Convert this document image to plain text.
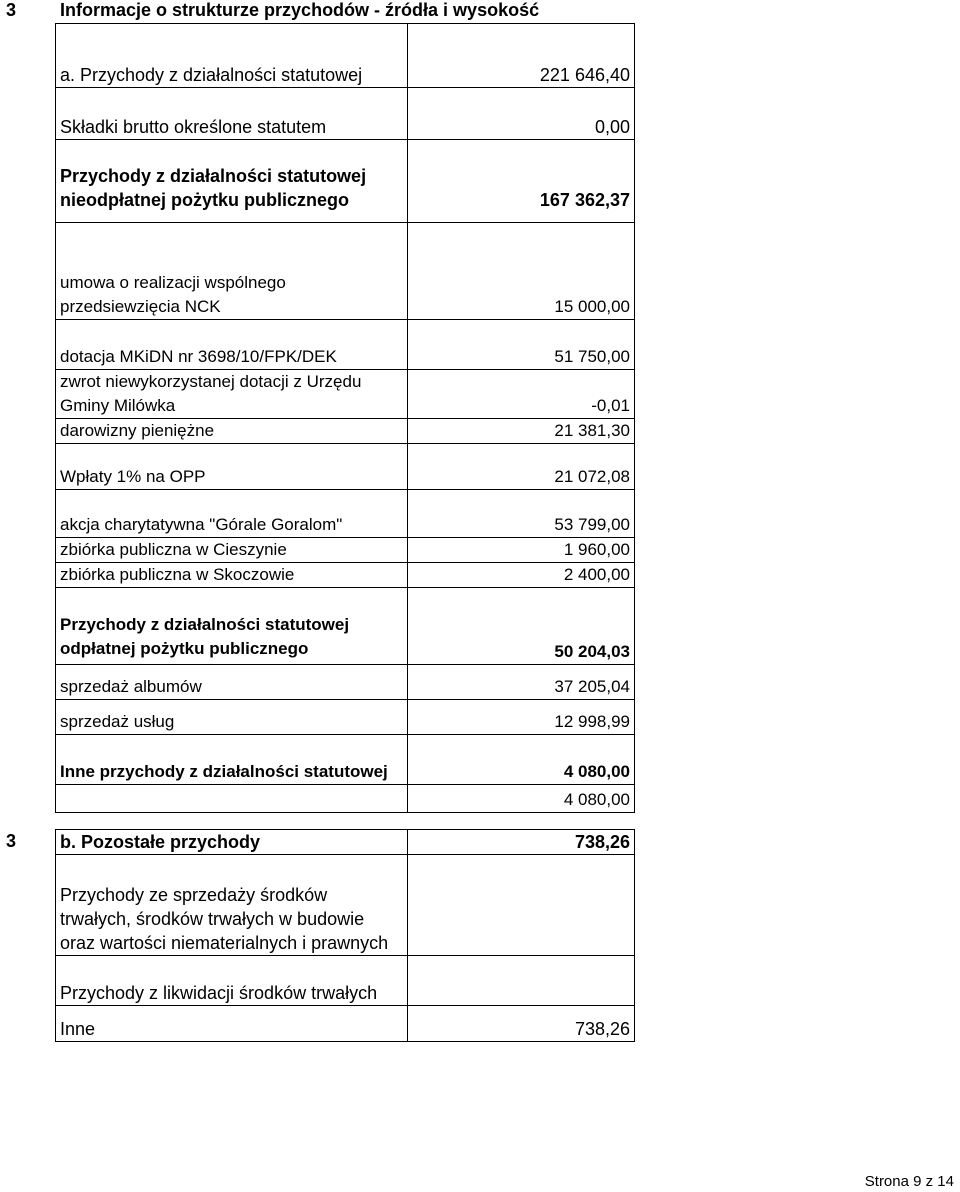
3 Informacje o strukturze przychodów - źródła i wysokość
a. Przychody z działalności statutowej	221 646,40
Składki brutto określone statutem	0,00
Przychody z działalności statutowej nieodpłatnej pożytku publicznego	167 362,37
umowa o realizacji wspólnego przedsiewzięcia NCK	15 000,00
dotacja MKiDN nr 3698/10/FPK/DEK	51 750,00
zwrot niewykorzystanej dotacji z Urzędu Gminy Milówka	-0,01
darowizny pieniężne	21 381,30
Wpłaty 1% na OPP	21 072,08
akcja charytatywna "Górale Goralom"	53 799,00
zbiórka publiczna w Cieszynie	1 960,00
zbiórka publiczna w Skoczowie	2 400,00
Przychody z działalności statutowej odpłatnej pożytku publicznego	50 204,03
sprzedaż albumów	37 205,04
sprzedaż usług	12 998,99
Inne przychody z działalności statutowej	4 080,00
	4 080,00
3 b. Pozostałe przychody	738,26
Przychody ze sprzedaży środków trwałych, środków trwałych w budowie oraz wartości niematerialnych i prawnych	
Przychody z likwidacji środków trwałych	
Inne	738,26
Strona 9 z 14
